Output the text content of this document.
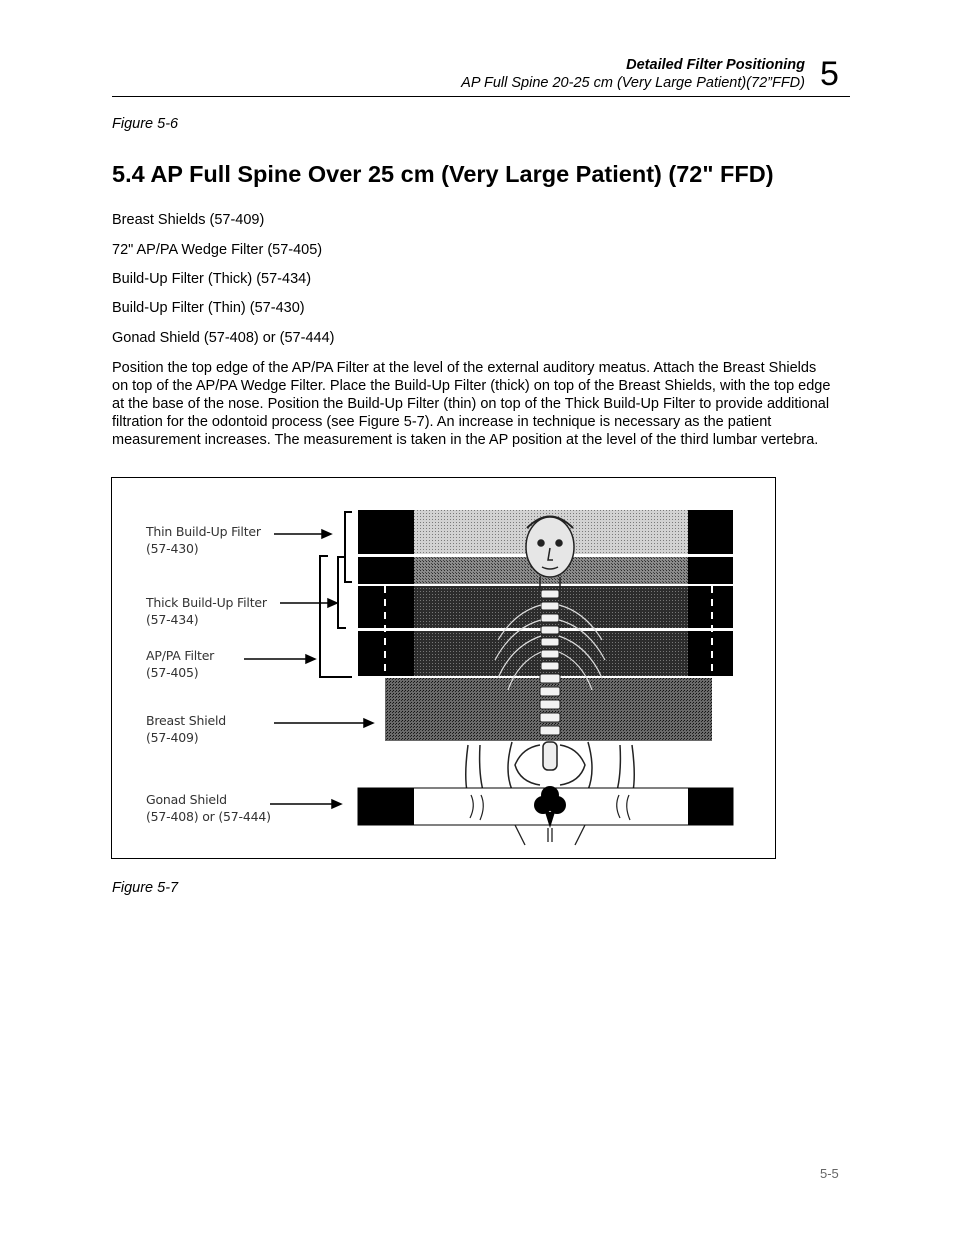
Detailed Filter Positioning
AP Full Spine 20-25 cm (Very Large Patient)(72”FFD) 5
Figure 5-6
5.4 AP Full Spine Over 25 cm (Very Large Patient) (72" FFD)
Breast Shields (57-409)
72" AP/PA Wedge Filter (57-405)
Build-Up Filter (Thick) (57-434)
Build-Up Filter (Thin) (57-430)
Gonad Shield (57-408) or (57-444)
Position the top edge of the AP/PA Filter at the level of the external auditory meatus. Attach the Breast Shields on top of the AP/PA Wedge Filter. Place the Build-Up Filter (thick) on top of the Breast Shields, with the top edge at the base of the nose. Position the Build-Up Filter (thin) on top of the Thick Build-Up Filter to provide additional filtration for the odontoid process (see Figure 5-7). An increase in technique is necessary as the patient measurement increases. The measurement is taken in the AP position at the level of the third lumbar vertebra.
Thin Build-Up Filter
(57-430)
Thick Build-Up Filter
(57-434)
AP/PA Filter
(57-405)
Breast Shield
(57-409)
Gonad Shield
(57-408) or (57-444)
Figure 5-7
5-5
